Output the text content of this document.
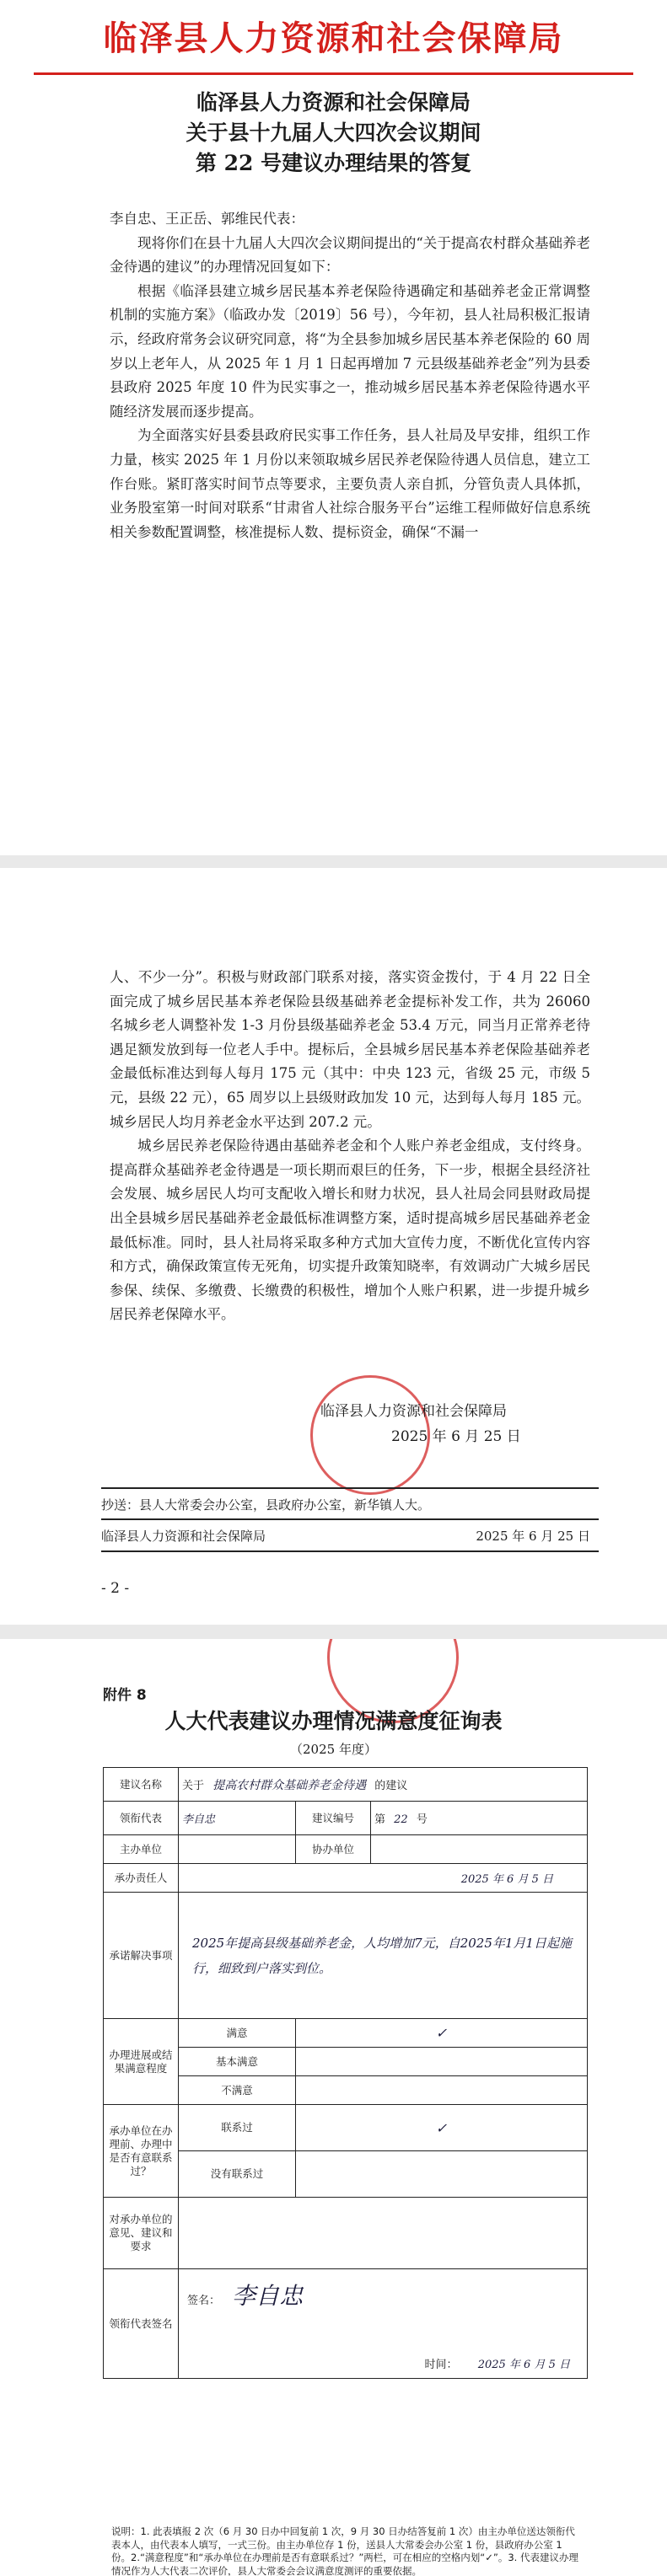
临泽县人力资源和社会保障局
临泽县人力资源和社会保障局
关于县十九届人大四次会议期间
第 22 号建议办理结果的答复

李自忠、王正岳、郭维民代表：

现将你们在县十九届人大四次会议期间提出的“关于提高农村群众基础养老金待遇的建议”的办理情况回复如下：

根据《临泽县建立城乡居民基本养老保险待遇确定和基础养老金正常调整机制的实施方案》（临政办发〔2019〕56 号），今年初，县人社局积极汇报请示，经政府常务会议研究同意，将“为全县参加城乡居民基本养老保险的 60 周岁以上老年人，从 2025 年 1 月 1 日起再增加 7 元县级基础养老金”列为县委县政府 2025 年度 10 件为民实事之一，推动城乡居民基本养老保险待遇水平随经济发展而逐步提高。

为全面落实好县委县政府民实事工作任务，县人社局及早安排，组织工作力量，核实 2025 年 1 月份以来领取城乡居民养老保险待遇人员信息，建立工作台账。紧盯落实时间节点等要求，主要负责人亲自抓，分管负责人具体抓，业务股室第一时间对联系“甘肃省人社综合服务平台”运维工程师做好信息系统相关参数配置调整，核准提标人数、提标资金，确保“不漏一

人、不少一分”。积极与财政部门联系对接，落实资金拨付，于 4 月 22 日全面完成了城乡居民基本养老保险县级基础养老金提标补发工作，共为 26060 名城乡老人调整补发 1-3 月份县级基础养老金 53.4 万元，同当月正常养老待遇足额发放到每一位老人手中。提标后，全县城乡居民基本养老保险基础养老金最低标准达到每人每月 175 元（其中：中央 123 元，省级 25 元，市级 5 元，县级 22 元），65 周岁以上县级财政加发 10 元，达到每人每月 185 元。城乡居民人均月养老金水平达到 207.2 元。

城乡居民养老保险待遇由基础养老金和个人账户养老金组成，支付终身。提高群众基础养老金待遇是一项长期而艰巨的任务，下一步，根据全县经济社会发展、城乡居民人均可支配收入增长和财力状况，县人社局会同县财政局提出全县城乡居民基础养老金最低标准调整方案，适时提高城乡居民基础养老金最低标准。同时，县人社局将采取多种方式加大宣传力度，不断优化宣传内容和方式，确保政策宣传无死角，切实提升政策知晓率，有效调动广大城乡居民参保、续保、多缴费、长缴费的积极性，增加个人账户积累，进一步提升城乡居民养老保障水平。

临泽县人力资源和社会保障局
2025 年 6 月 25 日
抄送：县人大常委会办公室，县政府办公室，新华镇人大。
临泽县人力资源和社会保障局	2025 年 6 月 25 日
- 2 -
附件 8
人大代表建议办理情况满意度征询表
（2025 年度）
建议名称	关于 提高农村群众基础养老金待遇 的建议		
领衔代表	李自忠	建议编号	第 22 号
主办单位		协办单位	
承办责任人	2025 年 6 月 5 日		
承诺解决事项	2025年提高县级基础养老金，人均增加7元，自2025年1月1日起施行，细致到户落实到位。		
办理进展或结果满意程度	满意	✓	
	基本满意		
	不满意		
承办单位在办理前、办理中是否有意联系过？	联系过	✓	
	没有联系过		
对承办单位的意见、建议和要求			
领衔代表签名	签名： 李自忠
时间： 2025 年 6 月 5 日		
说明：1. 此表填报 2 次（6 月 30 日办中回复前 1 次，9 月 30 日办结答复前 1 次）由主办单位送达领衔代表本人，由代表本人填写，一式三份。由主办单位存 1 份，送县人大常委会办公室 1 份，县政府办公室 1 份。2.“满意程度”和“承办单位在办理前是否有意联系过？”两栏，可在相应的空格内划“✓”。3. 代表建议办理情况作为人大代表二次评价，县人大常委会会议满意度测评的重要依据。
